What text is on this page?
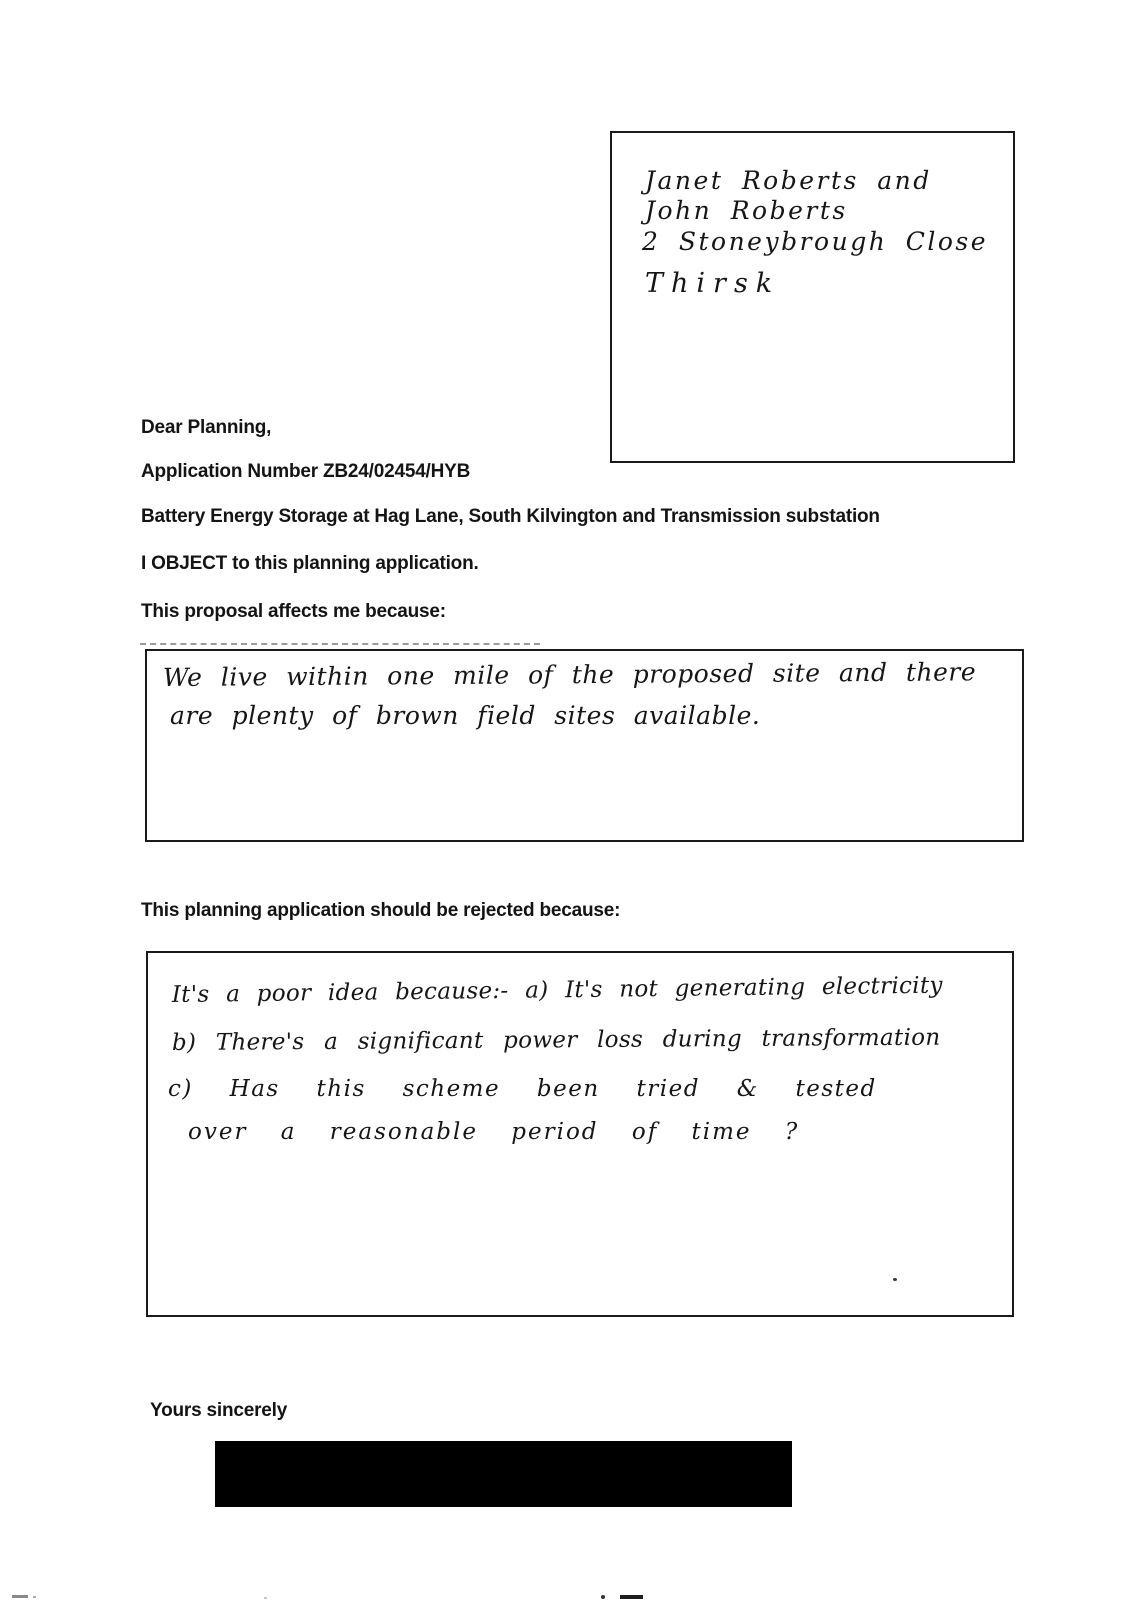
Janet Roberts and
John Roberts
2 Stoneybrough Close
Thirsk
Dear Planning,
Application Number ZB24/02454/HYB
Battery Energy Storage at Hag Lane, South Kilvington and Transmission substation
I OBJECT to this planning application.
This proposal affects me because:
We live within one mile of the proposed site and there
are plenty of brown field sites available.
This planning application should be rejected because:
It's a poor idea because:- a) It's not generating electricity
b) There's a significant power loss during transformation
c) Has this scheme been tried & tested
over a reasonable period of time ?
Yours sincerely
